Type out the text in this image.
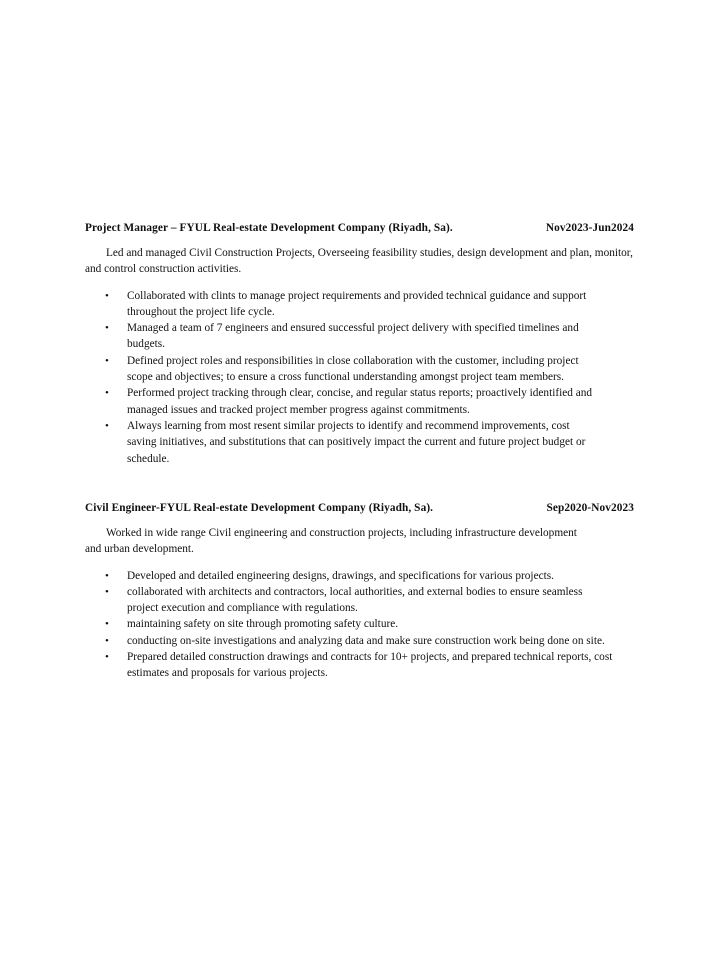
Project Manager – FYUL Real-estate Development Company (Riyadh, Sa).	Nov2023-Jun2024
Led and managed Civil Construction Projects, Overseeing feasibility studies, design development and plan, monitor, and control construction activities.
• Collaborated with clints to manage project requirements and provided technical guidance and support throughout the project life cycle.
• Managed a team of 7 engineers and ensured successful project delivery with specified timelines and budgets.
• Defined project roles and responsibilities in close collaboration with the customer, including project scope and objectives; to ensure a cross functional understanding amongst project team members.
• Performed project tracking through clear, concise, and regular status reports; proactively identified and managed issues and tracked project member progress against commitments.
• Always learning from most resent similar projects to identify and recommend improvements, cost saving initiatives, and substitutions that can positively impact the current and future project budget or schedule.
Civil Engineer-FYUL Real-estate Development Company (Riyadh, Sa).	Sep2020-Nov2023
Worked in wide range Civil engineering and construction projects, including infrastructure development and urban development.
• Developed and detailed engineering designs, drawings, and specifications for various projects.
• collaborated with architects and contractors, local authorities, and external bodies to ensure seamless project execution and compliance with regulations.
• maintaining safety on site through promoting safety culture.
• conducting on-site investigations and analyzing data and make sure construction work being done on site.
• Prepared detailed construction drawings and contracts for 10+ projects, and prepared technical reports, cost estimates and proposals for various projects.
